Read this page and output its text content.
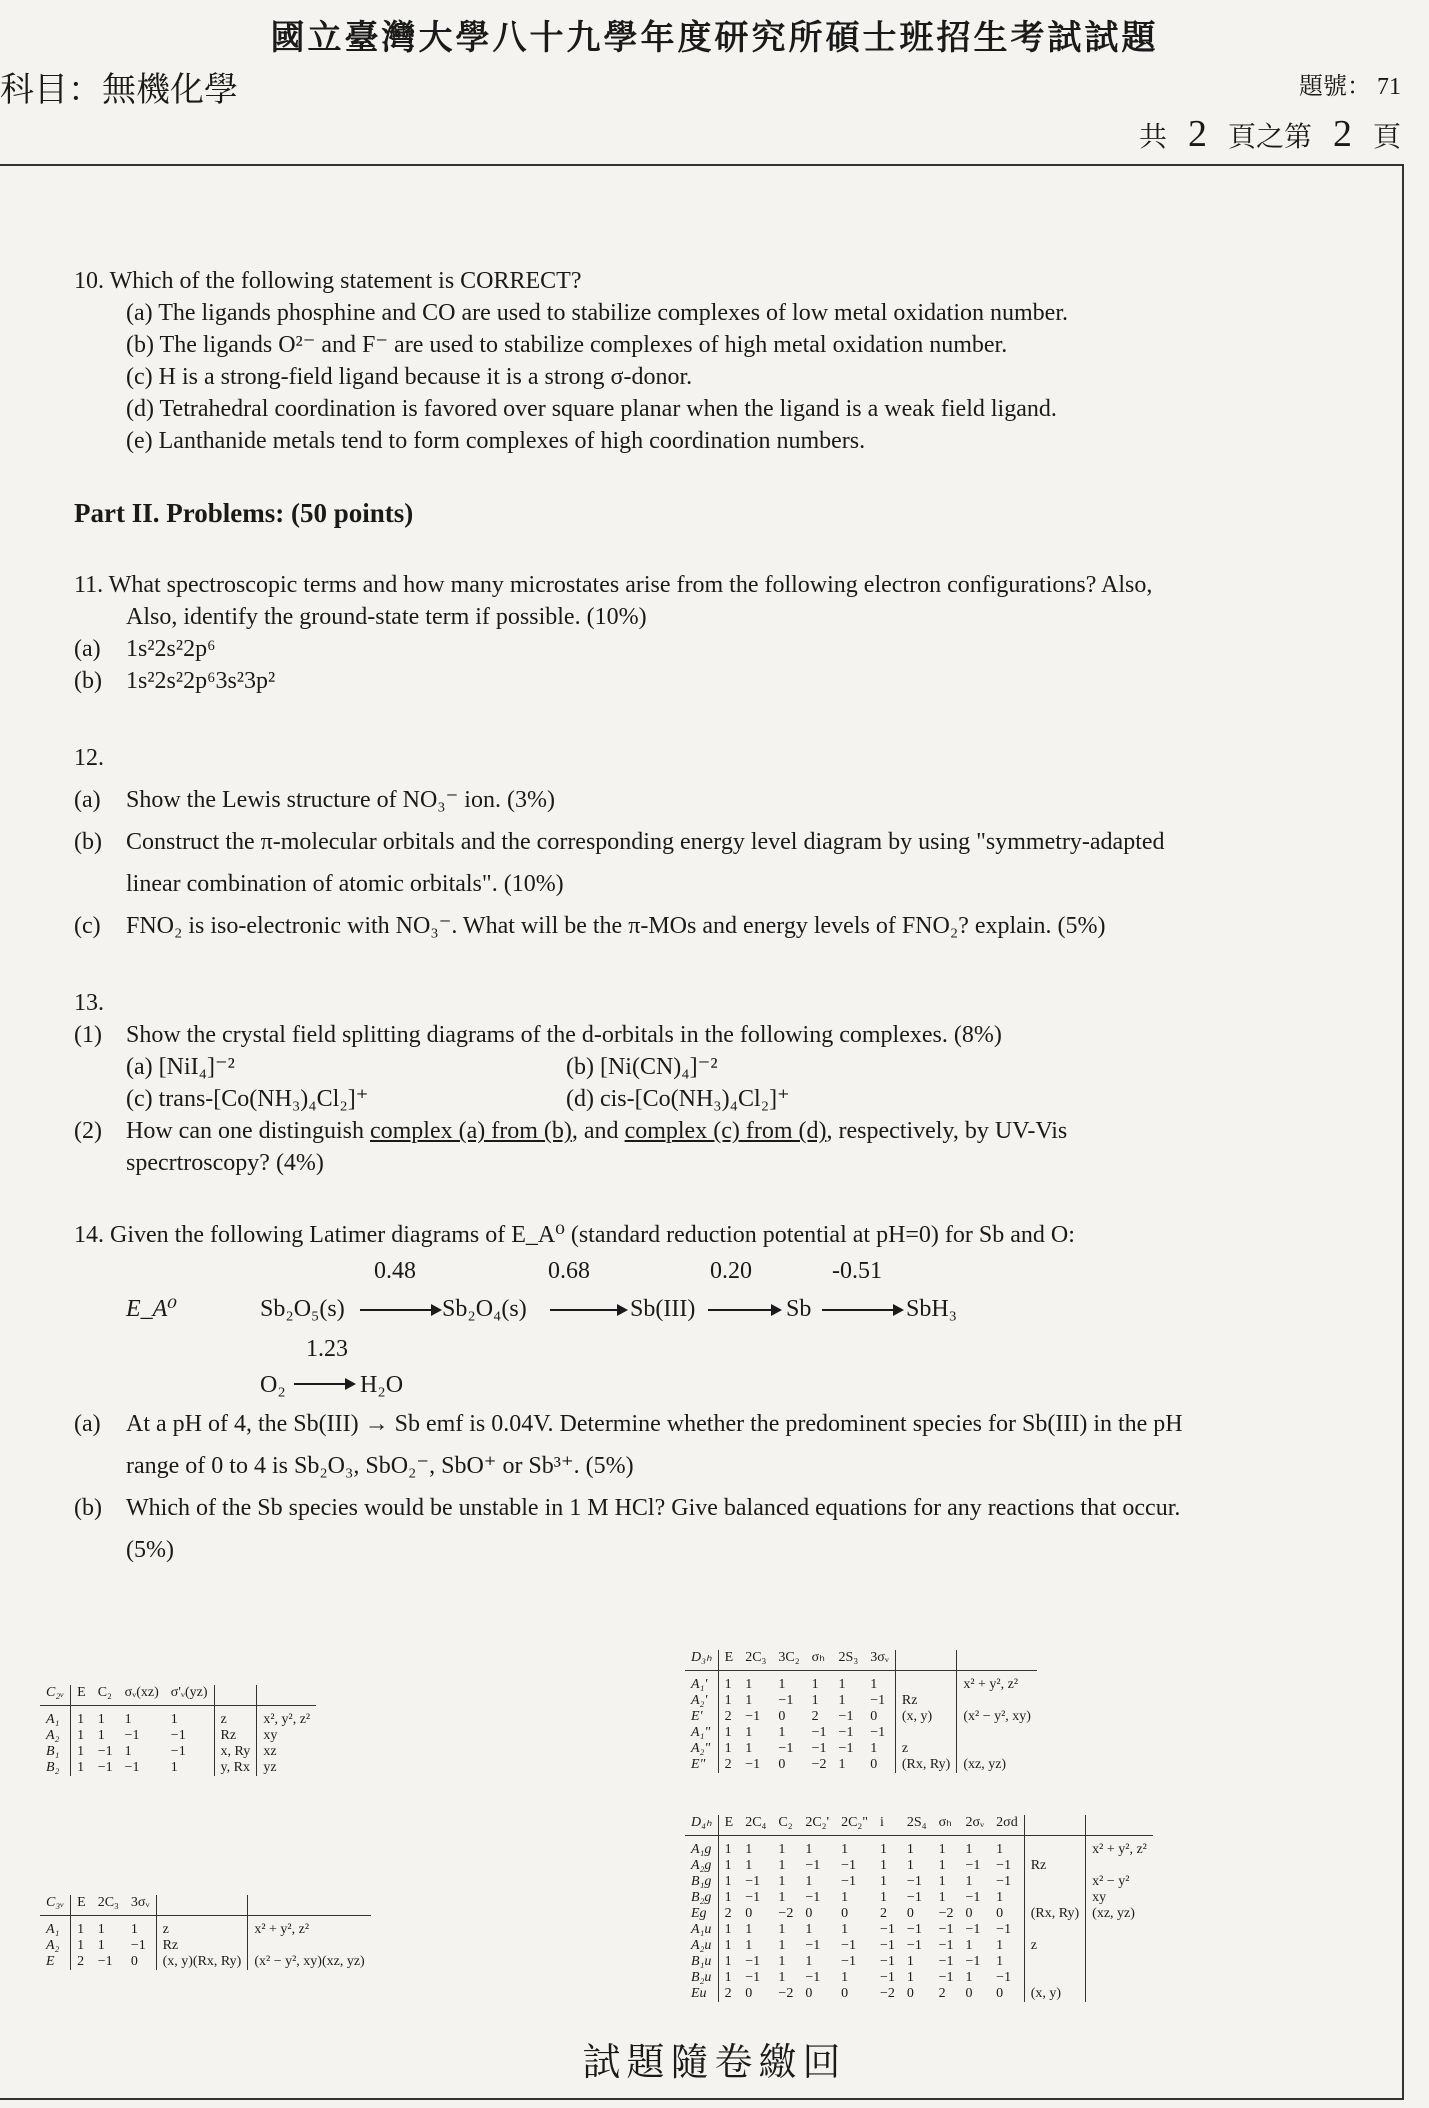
國立臺灣大學八十九學年度研究所碩士班招生考試試題
科目：無機化學	題號： 71
共 2 頁之第 2 頁

10. Which of the following statement is CORRECT?

(a) The ligands phosphine and CO are used to stabilize complexes of low metal oxidation number.

(b) The ligands O²⁻ and F⁻ are used to stabilize complexes of high metal oxidation number.

(c) H is a strong-field ligand because it is a strong σ-donor.

(d) Tetrahedral coordination is favored over square planar when the ligand is a weak field ligand.

(e) Lanthanide metals tend to form complexes of high coordination numbers.

Part II. Problems: (50 points)
11. What spectroscopic terms and how many microstates arise from the following electron configurations? Also,
Also, identify the ground-state term if possible. (10%)
(a)	1s²2s²2p⁶
(b)	1s²2s²2p⁶3s²3p²
12.
(a)	Show the Lewis structure of NO₃⁻ ion. (3%)
(b)	Construct the π-molecular orbitals and the corresponding energy level diagram by using "symmetry-adapted
linear combination of atomic orbitals". (10%)
(c)	FNO₂ is iso-electronic with NO₃⁻. What will be the π-MOs and energy levels of FNO₂? explain. (5%)
13.
(1)	Show the crystal field splitting diagrams of the d-orbitals in the following complexes. (8%)
(a) [NiI₄]⁻²	(b) [Ni(CN)₄]⁻²
(c) trans-[Co(NH₃)₄Cl₂]⁺	(d) cis-[Co(NH₃)₄Cl₂]⁺
(2)	How can one distinguish complex (a) from (b), and complex (c) from (d), respectively, by UV-Vis
specrtroscopy? (4%)
14. Given the following Latimer diagrams of E_A⁰ (standard reduction potential at pH=0) for Sb and O:
0.48	0.68	0.20	-0.51
E_A⁰	Sb₂O₅(s)	Sb₂O₄(s)	Sb(III)	Sb	SbH₃
1.23
O₂	H₂O
(a)	At a pH of 4, the Sb(III) → Sb emf is 0.04V. Determine whether the predominent species for Sb(III) in the pH
range of 0 to 4 is Sb₂O₃, SbO₂⁻, SbO⁺ or Sb³⁺. (5%)
(b)	Which of the Sb species would be unstable in 1 M HCl? Give balanced equations for any reactions that occur.
(5%)
C₂ᵥ	E	C₂	σᵥ(xz)	σ'ᵥ(yz)		
A₁	1	1	1	1	z	x², y², z²
A₂	1	1	−1	−1	Rz	xy
B₁	1	−1	1	−1	x, Ry	xz
B₂	1	−1	−1	1	y, Rx	yz
C₃ᵥ	E	2C₃	3σᵥ		
A₁	1	1	1	z	x² + y², z²
A₂	1	1	−1	Rz	
E	2	−1	0	(x, y)(Rx, Ry)	(x² − y², xy)(xz, yz)
D₃ₕ	E	2C₃	3C₂	σₕ	2S₃	3σᵥ		
A₁'	1	1	1	1	1	1		x² + y², z²
A₂'	1	1	−1	1	1	−1	Rz	
E'	2	−1	0	2	−1	0	(x, y)	(x² − y², xy)
A₁"	1	1	1	−1	−1	−1		
A₂"	1	1	−1	−1	−1	1	z	
E"	2	−1	0	−2	1	0	(Rx, Ry)	(xz, yz)
D₄ₕ	E	2C₄	C₂	2C₂'	2C₂"	i	2S₄	σₕ	2σᵥ	2σd		
A₁g	1	1	1	1	1	1	1	1	1	1		x² + y², z²
A₂g	1	1	1	−1	−1	1	1	1	−1	−1	Rz	
B₁g	1	−1	1	1	−1	1	−1	1	1	−1		x² − y²
B₂g	1	−1	1	−1	1	1	−1	1	−1	1		xy
Eg	2	0	−2	0	0	2	0	−2	0	0	(Rx, Ry)	(xz, yz)
A₁u	1	1	1	1	1	−1	−1	−1	−1	−1		
A₂u	1	1	1	−1	−1	−1	−1	−1	1	1	z	
B₁u	1	−1	1	1	−1	−1	1	−1	−1	1		
B₂u	1	−1	1	−1	1	−1	1	−1	1	−1		
Eu	2	0	−2	0	0	−2	0	2	0	0	(x, y)	
試題隨卷繳回
